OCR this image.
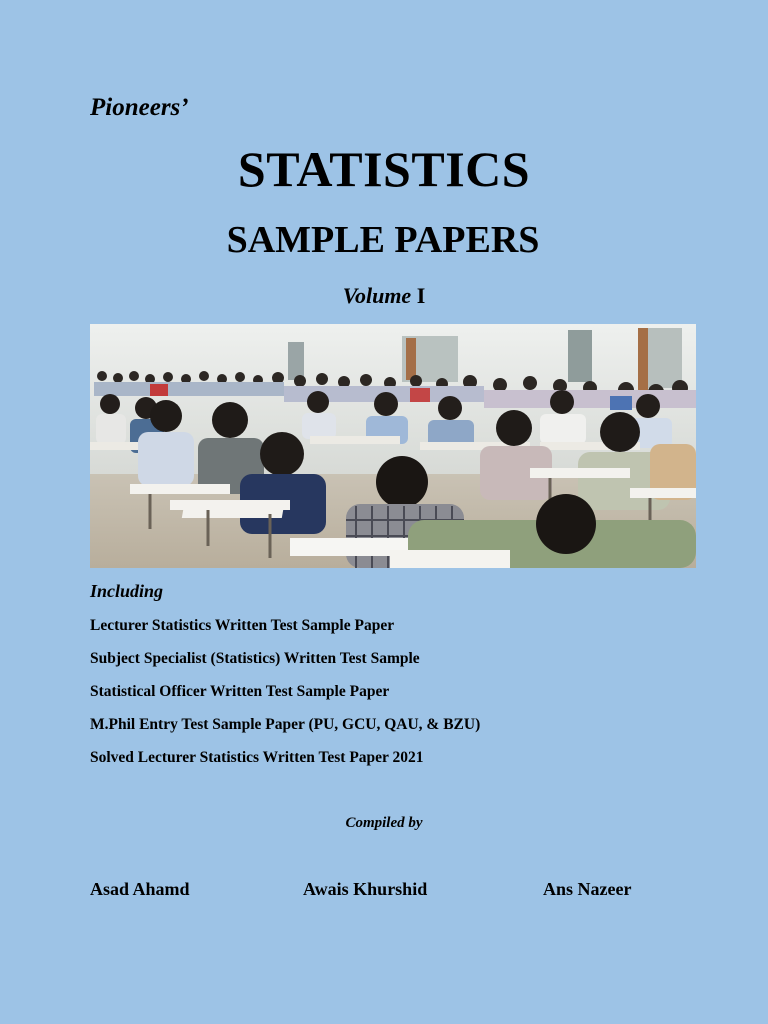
Pioneers’

STATISTICS
SAMPLE PAPERS

Volume I

Including

Lecturer Statistics Written Test Sample Paper
Subject Specialist (Statistics) Written Test Sample
Statistical Officer Written Test Sample Paper
M.Phil Entry Test Sample Paper (PU, GCU, QAU, & BZU)
Solved Lecturer Statistics Written Test Paper 2021

Compiled by

Asad Ahamd	Awais Khurshid	Ans Nazeer
